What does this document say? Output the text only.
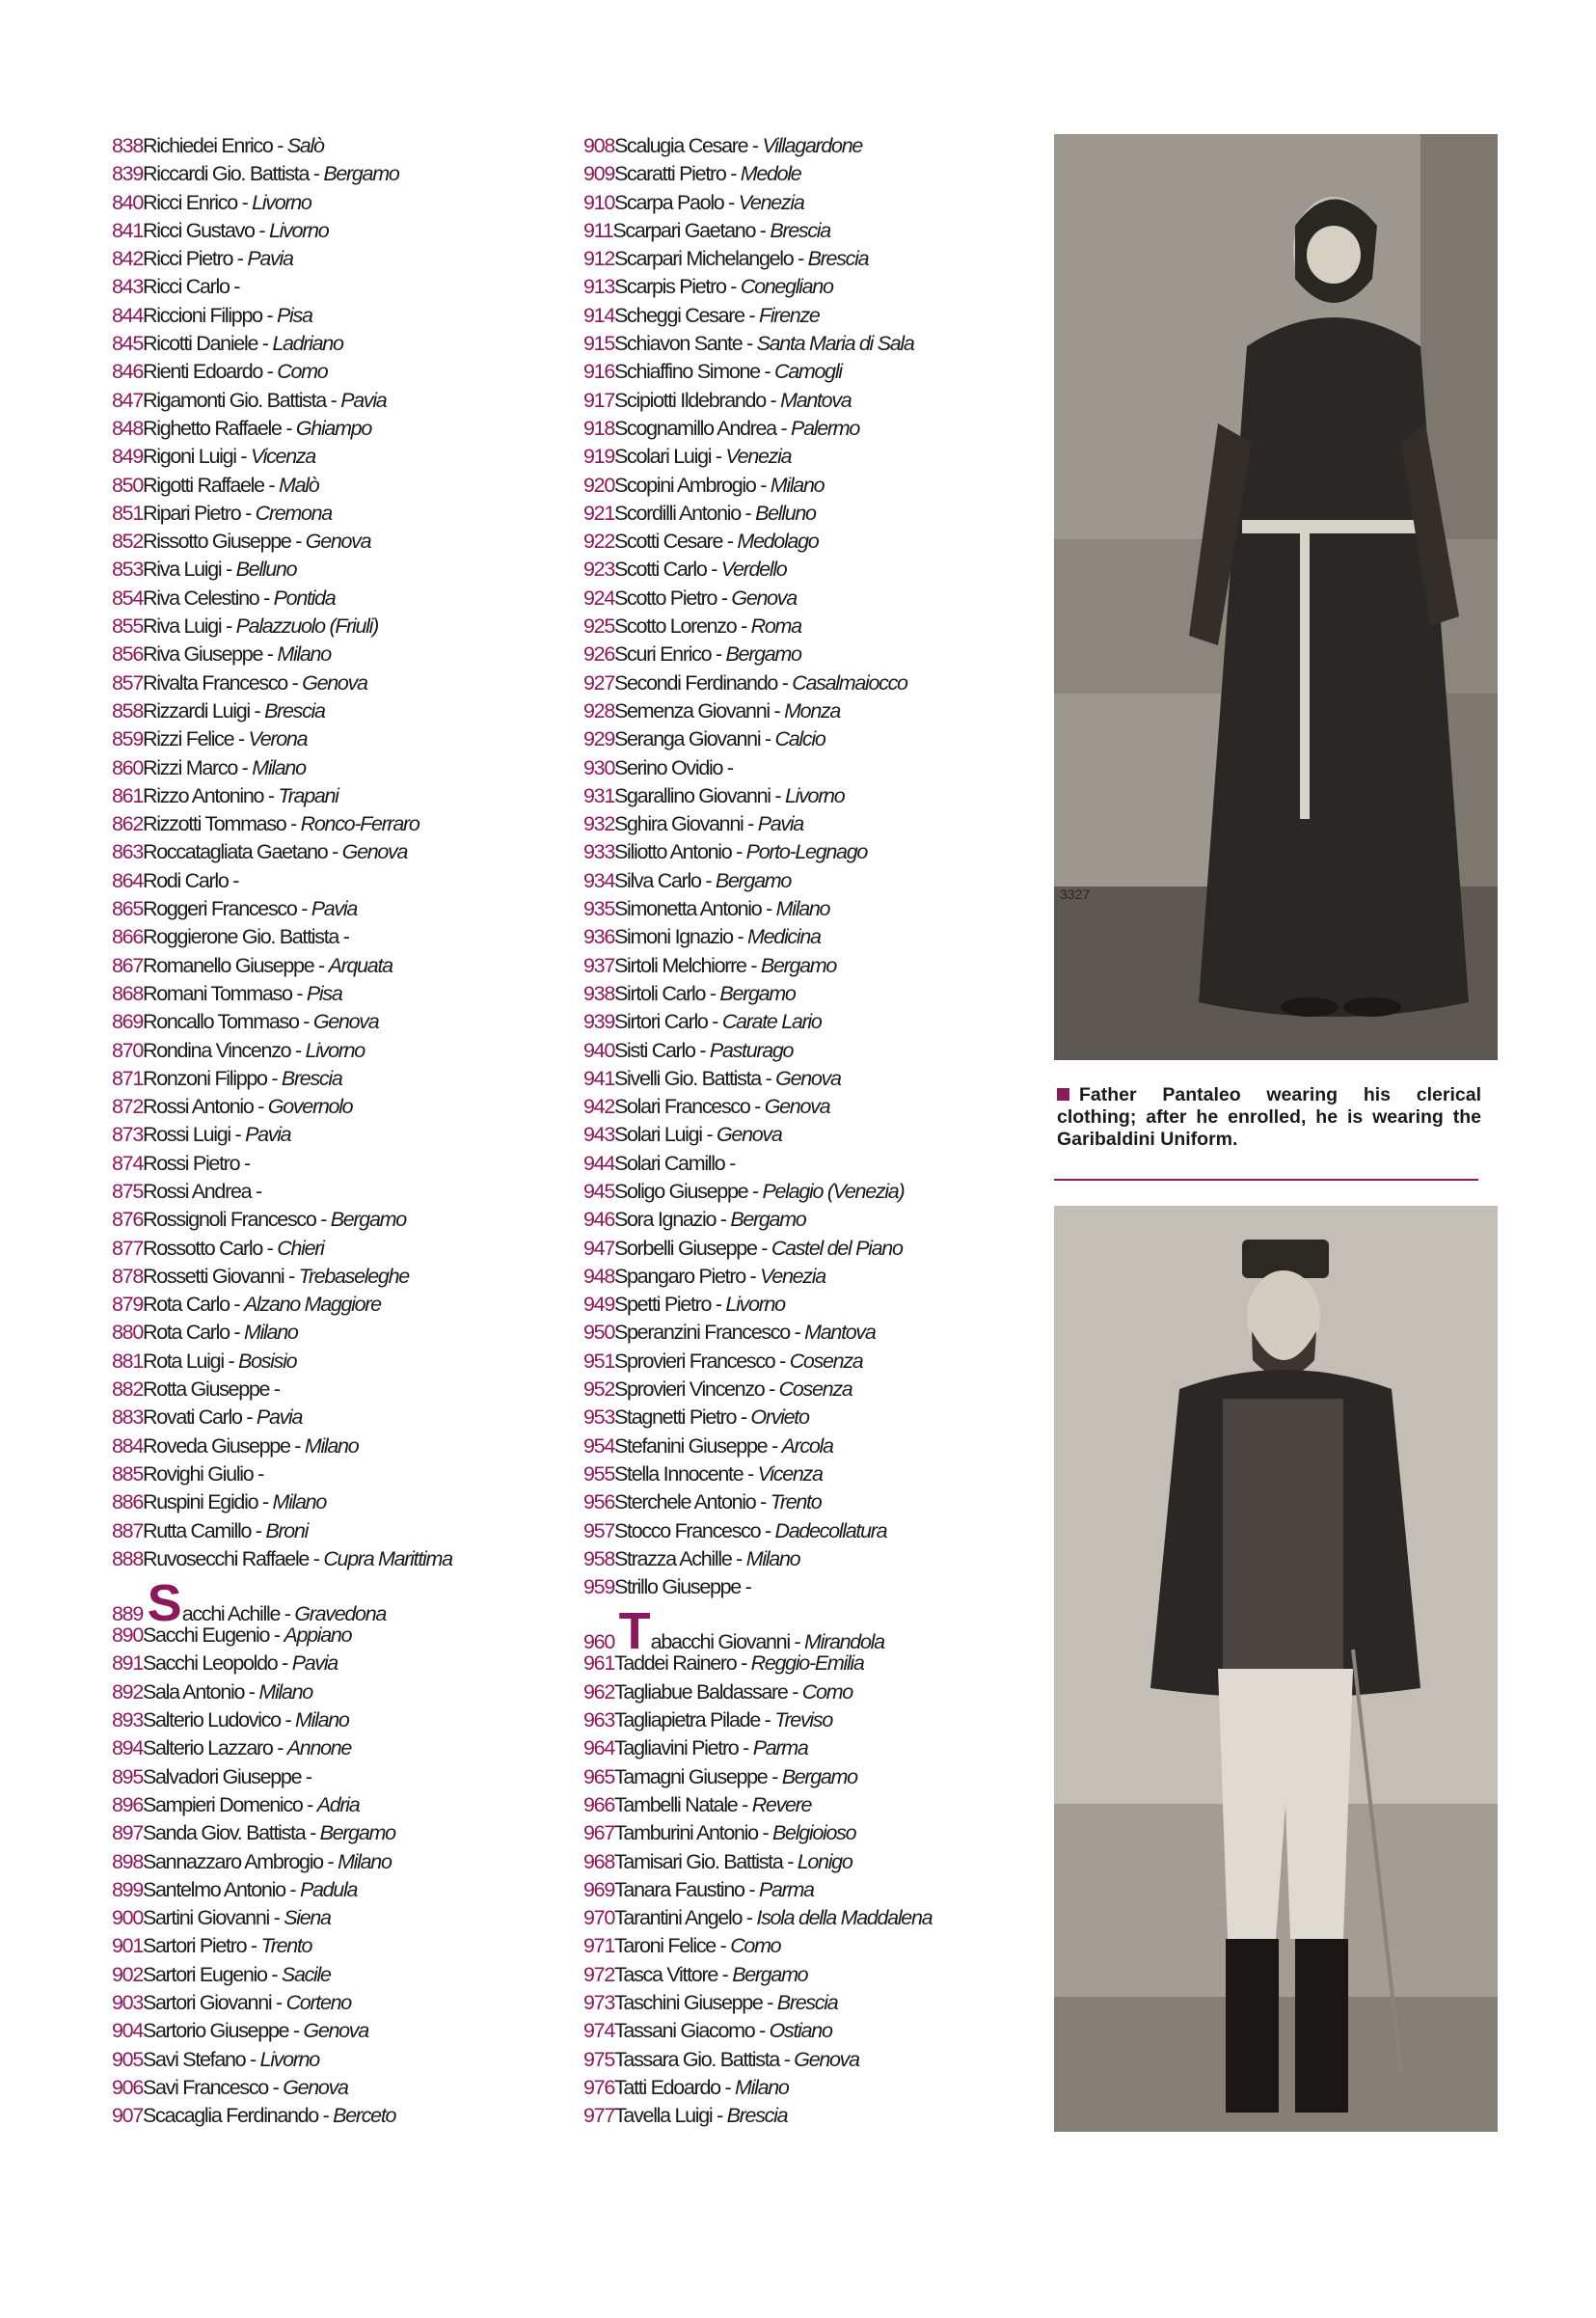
838Richiedei Enrico - Salò
839Riccardi Gio. Battista - Bergamo
840Ricci Enrico - Livorno
841Ricci Gustavo - Livorno
842Ricci Pietro - Pavia
843Ricci Carlo -
844Riccioni Filippo - Pisa
845Ricotti Daniele - Ladriano
846Rienti Edoardo - Como
847Rigamonti Gio. Battista - Pavia
848Righetto Raffaele - Ghiampo
849Rigoni Luigi - Vicenza
850Rigotti Raffaele - Malò
851Ripari Pietro - Cremona
852Rissotto Giuseppe - Genova
853Riva Luigi - Belluno
854Riva Celestino - Pontida
855Riva Luigi - Palazzuolo (Friuli)
856Riva Giuseppe - Milano
857Rivalta Francesco - Genova
858Rizzardi Luigi - Brescia
859Rizzi Felice - Verona
860Rizzi Marco - Milano
861Rizzo Antonino - Trapani
862Rizzotti Tommaso - Ronco-Ferraro
863Roccatagliata Gaetano - Genova
864Rodi Carlo -
865Roggeri Francesco - Pavia
866Roggierone Gio. Battista -
867Romanello Giuseppe - Arquata
868Romani Tommaso - Pisa
869Roncallo Tommaso - Genova
870Rondina Vincenzo - Livorno
871Ronzoni Filippo - Brescia
872Rossi Antonio - Governolo
873Rossi Luigi - Pavia
874Rossi Pietro -
875Rossi Andrea -
876Rossignoli Francesco - Bergamo
877Rossotto Carlo - Chieri
878Rossetti Giovanni - Trebaseleghe
879Rota Carlo - Alzano Maggiore
880Rota Carlo - Milano
881Rota Luigi - Bosisio
882Rotta Giuseppe -
883Rovati Carlo - Pavia
884Roveda Giuseppe - Milano
885Rovighi Giulio -
886Ruspini Egidio - Milano
887Rutta Camillo - Broni
888Ruvosecchi Raffaele - Cupra Marittima
889 Sacchi Achille - Gravedona
890Sacchi Eugenio - Appiano
891Sacchi Leopoldo - Pavia
892Sala Antonio - Milano
893Salterio Ludovico - Milano
894Salterio Lazzaro - Annone
895Salvadori Giuseppe -
896Sampieri Domenico - Adria
897Sanda Giov. Battista - Bergamo
898Sannazzaro Ambrogio - Milano
899Santelmo Antonio - Padula
900Sartini Giovanni - Siena
901Sartori Pietro - Trento
902Sartori Eugenio - Sacile
903Sartori Giovanni - Corteno
904Sartorio Giuseppe - Genova
905Savi Stefano - Livorno
906Savi Francesco - Genova
907Scacaglia Ferdinando - Berceto
908Scalugia Cesare - Villagardone
909Scaratti Pietro - Medole
910Scarpa Paolo - Venezia
911Scarpari Gaetano - Brescia
912Scarpari Michelangelo - Brescia
913Scarpis Pietro - Conegliano
914Scheggi Cesare - Firenze
915Schiavon Sante - Santa Maria di Sala
916Schiaffino Simone - Camogli
917Scipiotti Ildebrando - Mantova
918Scognamillo Andrea - Palermo
919Scolari Luigi - Venezia
920Scopini Ambrogio - Milano
921Scordilli Antonio - Belluno
922Scotti Cesare - Medolago
923Scotti Carlo - Verdello
924Scotto Pietro - Genova
925Scotto Lorenzo - Roma
926Scuri Enrico - Bergamo
927Secondi Ferdinando - Casalmaiocco
928Semenza Giovanni - Monza
929Seranga Giovanni - Calcio
930Serino Ovidio -
931Sgarallino Giovanni - Livorno
932Sghira Giovanni - Pavia
933Siliotto Antonio - Porto-Legnago
934Silva Carlo - Bergamo
935Simonetta Antonio - Milano
936Simoni Ignazio - Medicina
937Sirtoli Melchiorre - Bergamo
938Sirtoli Carlo - Bergamo
939Sirtori Carlo - Carate Lario
940Sisti Carlo - Pasturago
941Sivelli Gio. Battista - Genova
942Solari Francesco - Genova
943Solari Luigi - Genova
944Solari Camillo -
945Soligo Giuseppe - Pelagio (Venezia)
946Sora Ignazio - Bergamo
947Sorbelli Giuseppe - Castel del Piano
948Spangaro Pietro - Venezia
949Spetti Pietro - Livorno
950Speranzini Francesco - Mantova
951Sprovieri Francesco - Cosenza
952Sprovieri Vincenzo - Cosenza
953Stagnetti Pietro - Orvieto
954Stefanini Giuseppe - Arcola
955Stella Innocente - Vicenza
956Sterchele Antonio - Trento
957Stocco Francesco - Dadecollatura
958Strazza Achille - Milano
959Strillo Giuseppe -
960 Tabacchi Giovanni - Mirandola
961Taddei Rainero - Reggio-Emilia
962Tagliabue Baldassare - Como
963Tagliapietra Pilade - Treviso
964Tagliavini Pietro - Parma
965Tamagni Giuseppe - Bergamo
966Tambelli Natale - Revere
967Tamburini Antonio - Belgioioso
968Tamisari Gio. Battista - Lonigo
969Tanara Faustino - Parma
970Tarantini Angelo - Isola della Maddalena
971Taroni Felice - Como
972Tasca Vittore - Bergamo
973Taschini Giuseppe - Brescia
974Tassani Giacomo - Ostiano
975Tassara Gio. Battista - Genova
976Tatti Edoardo - Milano
977Tavella Luigi - Brescia
3327
Father Pantaleo wearing his clerical clothing; after he enrolled, he is wearing the Garibaldini Uniform.
